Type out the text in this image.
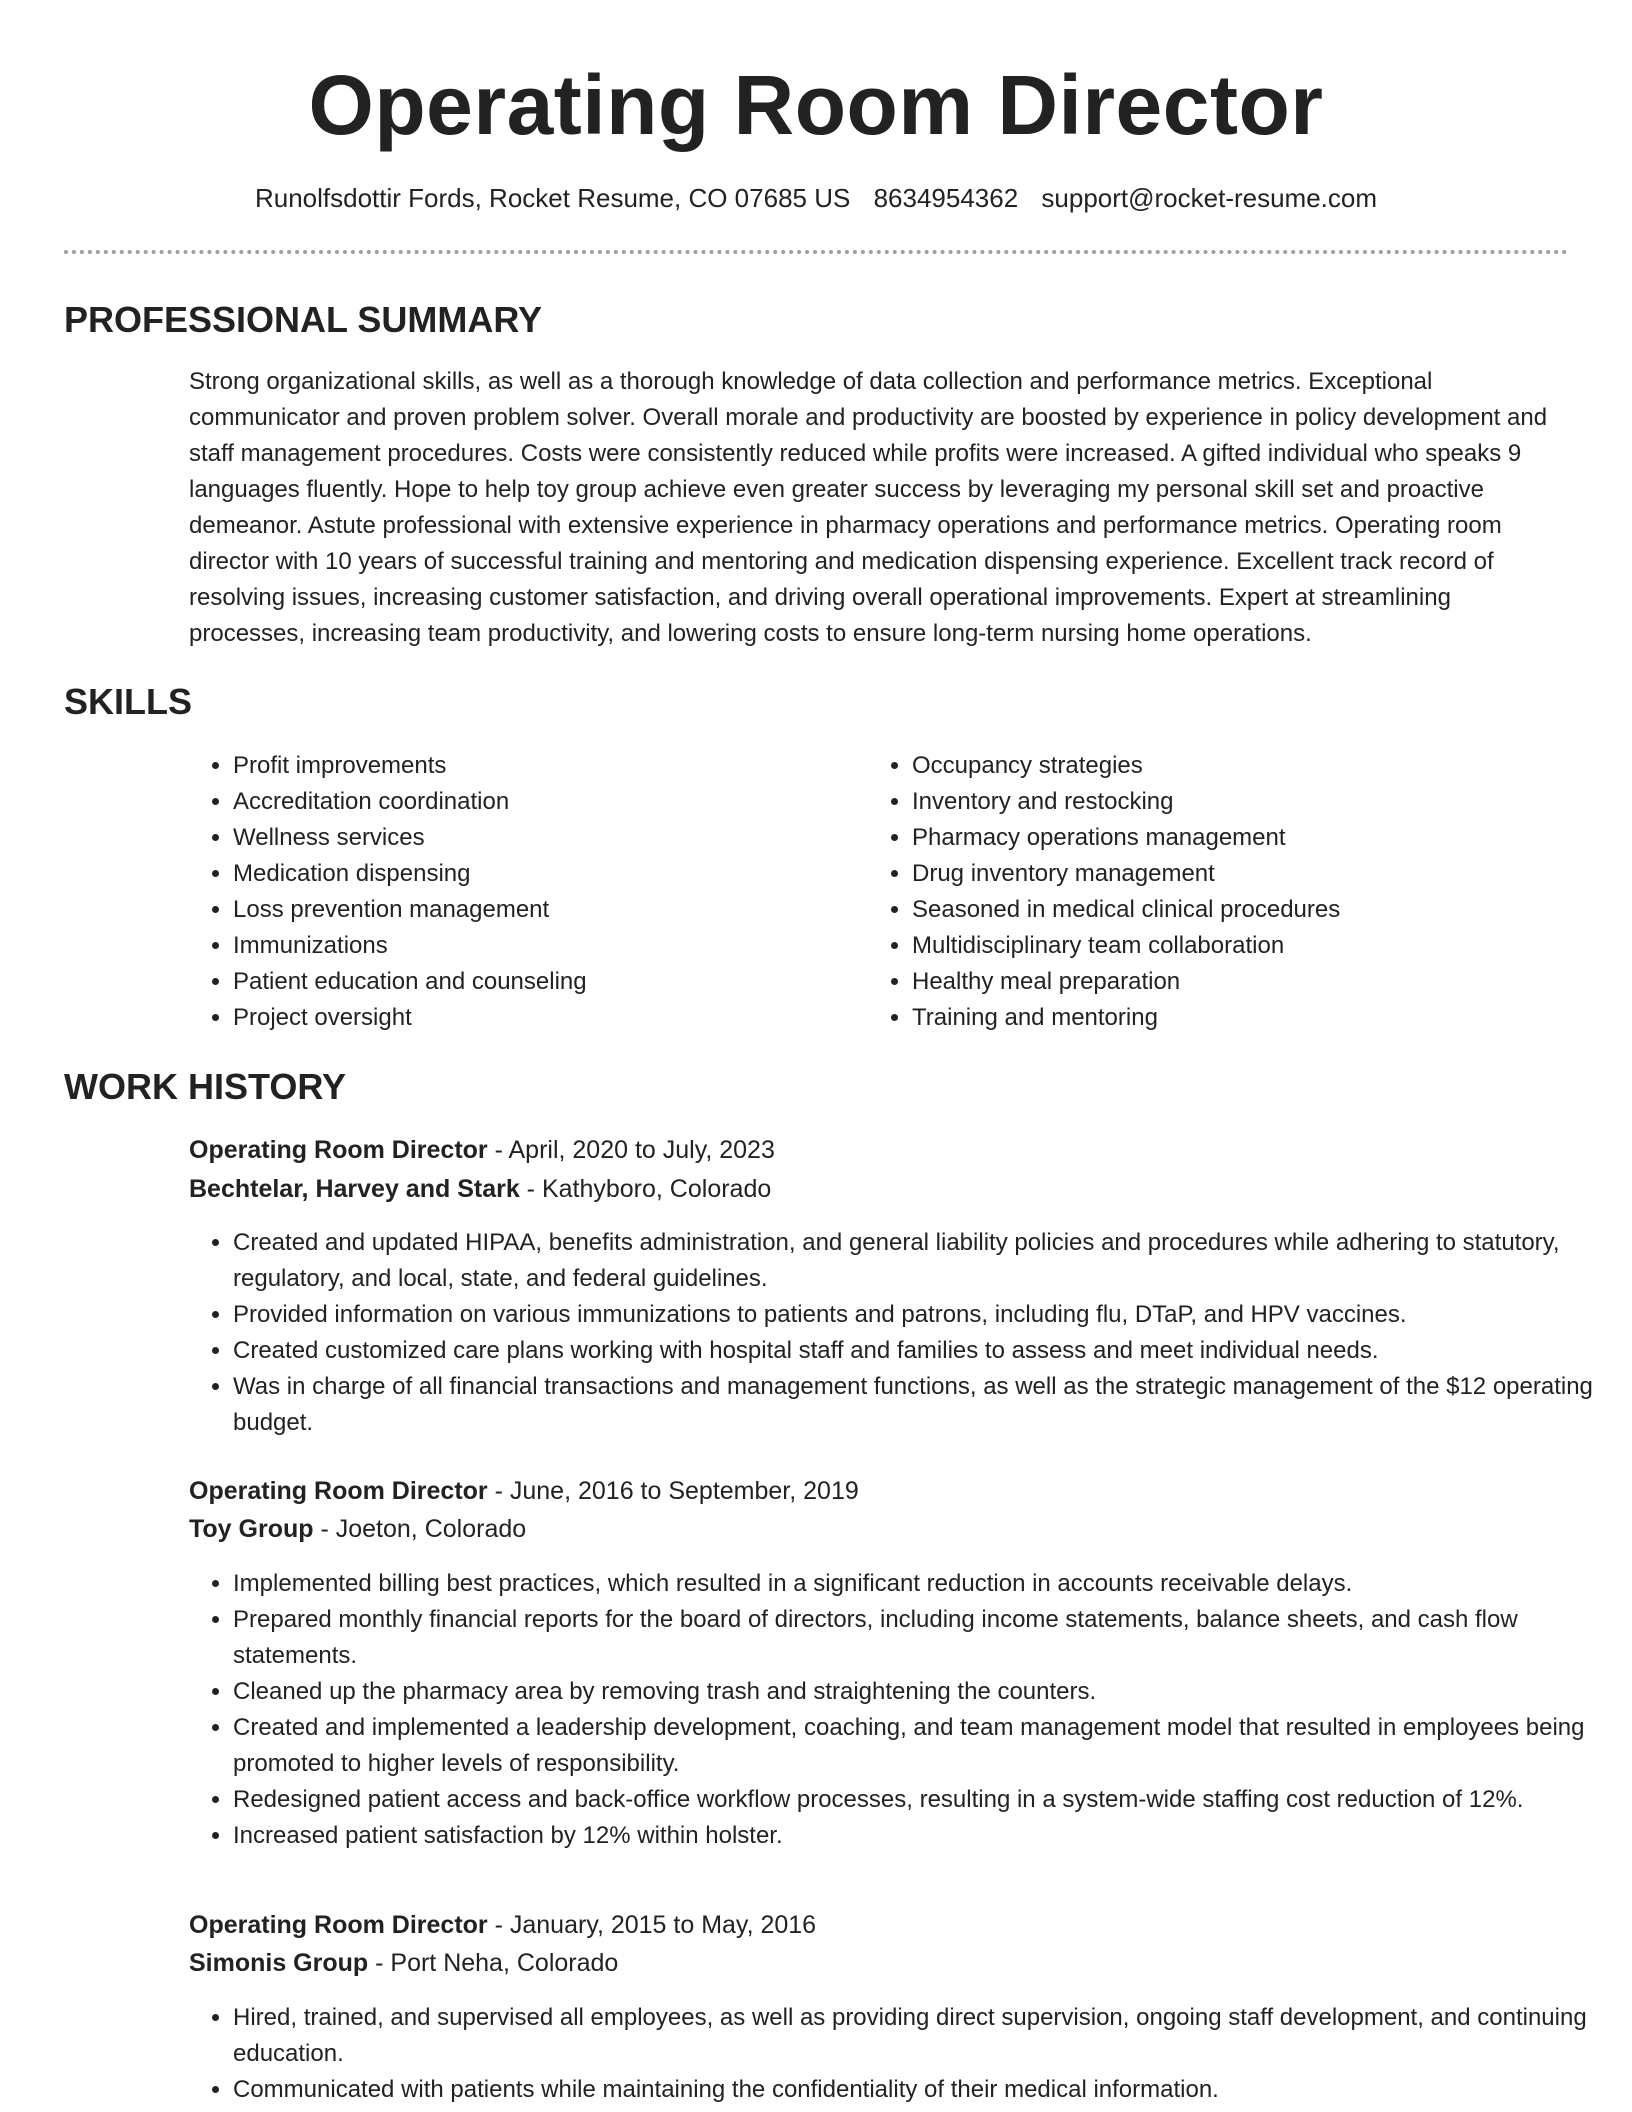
Operating Room Director
Runolfsdottir Fords, Rocket Resume, CO 07685 US 8634954362 support@rocket-resume.com
PROFESSIONAL SUMMARY

Strong organizational skills, as well as a thorough knowledge of data collection and performance metrics. Exceptional communicator and proven problem solver. Overall morale and productivity are boosted by experience in policy development and staff management procedures. Costs were consistently reduced while profits were increased. A gifted individual who speaks 9 languages fluently. Hope to help toy group achieve even greater success by leveraging my personal skill set and proactive demeanor. Astute professional with extensive experience in pharmacy operations and performance metrics. Operating room director with 10 years of successful training and mentoring and medication dispensing experience. Excellent track record of resolving issues, increasing customer satisfaction, and driving overall operational improvements. Expert at streamlining processes, increasing team productivity, and lowering costs to ensure long-term nursing home operations.

SKILLS
• Profit improvements
• Accreditation coordination
• Wellness services
• Medication dispensing
• Loss prevention management
• Immunizations
• Patient education and counseling
• Project oversight
• Occupancy strategies
• Inventory and restocking
• Pharmacy operations management
• Drug inventory management
• Seasoned in medical clinical procedures
• Multidisciplinary team collaboration
• Healthy meal preparation
• Training and mentoring
WORK HISTORY
Operating Room Director - April, 2020 to July, 2023
Bechtelar, Harvey and Stark - Kathyboro, Colorado
• Created and updated HIPAA, benefits administration, and general liability policies and procedures while adhering to statutory, regulatory, and local, state, and federal guidelines.
• Provided information on various immunizations to patients and patrons, including flu, DTaP, and HPV vaccines.
• Created customized care plans working with hospital staff and families to assess and meet individual needs.
• Was in charge of all financial transactions and management functions, as well as the strategic management of the $12 operating budget.
Operating Room Director - June, 2016 to September, 2019
Toy Group - Joeton, Colorado
• Implemented billing best practices, which resulted in a significant reduction in accounts receivable delays.
• Prepared monthly financial reports for the board of directors, including income statements, balance sheets, and cash flow statements.
• Cleaned up the pharmacy area by removing trash and straightening the counters.
• Created and implemented a leadership development, coaching, and team management model that resulted in employees being promoted to higher levels of responsibility.
• Redesigned patient access and back-office workflow processes, resulting in a system-wide staffing cost reduction of 12%.
• Increased patient satisfaction by 12% within holster.
Operating Room Director - January, 2015 to May, 2016
Simonis Group - Port Neha, Colorado
• Hired, trained, and supervised all employees, as well as providing direct supervision, ongoing staff development, and continuing education.
• Communicated with patients while maintaining the confidentiality of their medical information.
